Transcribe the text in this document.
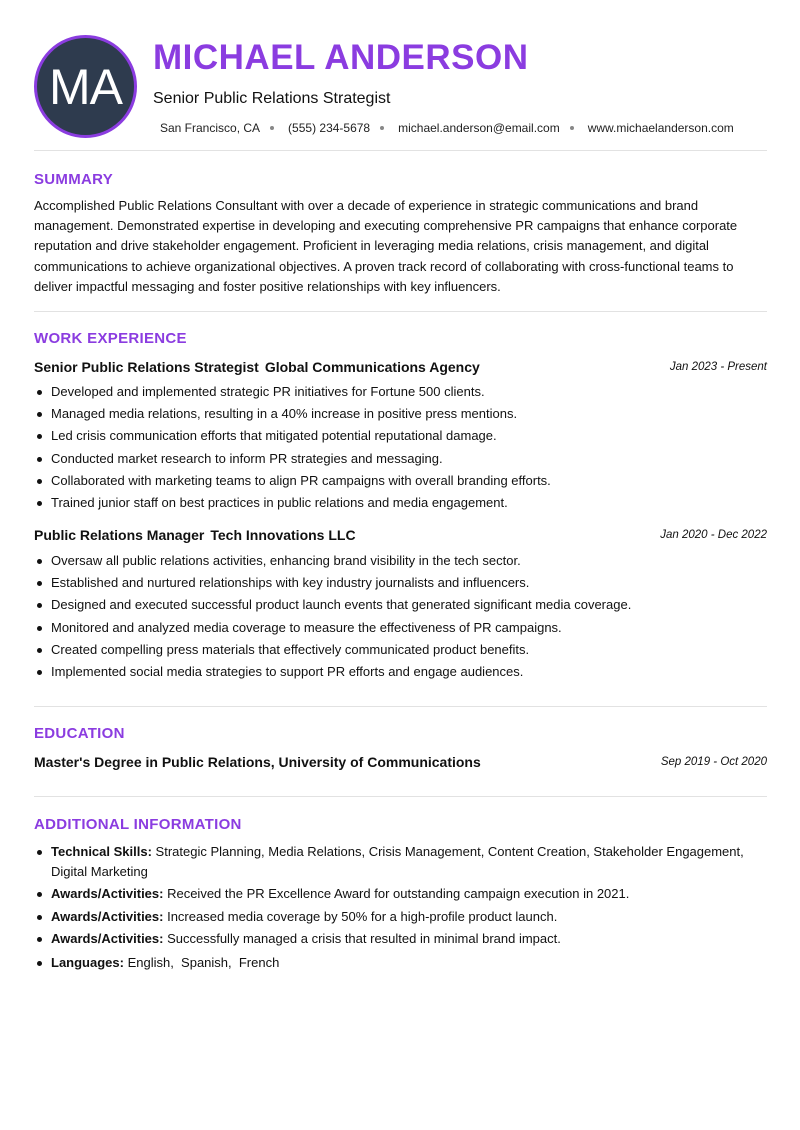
MA
MICHAEL ANDERSON
Senior Public Relations Strategist
San Francisco, CA (555) 234-5678 michael.anderson@email.com www.michaelanderson.com
SUMMARY

Accomplished Public Relations Consultant with over a decade of experience in strategic communications and brand management. Demonstrated expertise in developing and executing comprehensive PR campaigns that enhance corporate reputation and drive stakeholder engagement. Proficient in leveraging media relations, crisis management, and digital communications to achieve organizational objectives. A proven track record of collaborating with cross-functional teams to deliver impactful messaging and foster positive relationships with key influencers.

WORK EXPERIENCE
Senior Public Relations Strategist Global Communications Agency	Jan 2023 - Present
Developed and implemented strategic PR initiatives for Fortune 500 clients.
Managed media relations, resulting in a 40% increase in positive press mentions.
Led crisis communication efforts that mitigated potential reputational damage.
Conducted market research to inform PR strategies and messaging.
Collaborated with marketing teams to align PR campaigns with overall branding efforts.
Trained junior staff on best practices in public relations and media engagement.
Public Relations Manager Tech Innovations LLC	Jan 2020 - Dec 2022
Oversaw all public relations activities, enhancing brand visibility in the tech sector.
Established and nurtured relationships with key industry journalists and influencers.
Designed and executed successful product launch events that generated significant media coverage.
Monitored and analyzed media coverage to measure the effectiveness of PR campaigns.
Created compelling press materials that effectively communicated product benefits.
Implemented social media strategies to support PR efforts and engage audiences.
EDUCATION
Master's Degree in Public Relations, University of Communications	Sep 2019 - Oct 2020
ADDITIONAL INFORMATION
Technical Skills: Strategic Planning, Media Relations, Crisis Management, Content Creation, Stakeholder Engagement, Digital Marketing
Awards/Activities: Received the PR Excellence Award for outstanding campaign execution in 2021.
Awards/Activities: Increased media coverage by 50% for a high-profile product launch.
Awards/Activities: Successfully managed a crisis that resulted in minimal brand impact.
Languages: English,  Spanish,  French
